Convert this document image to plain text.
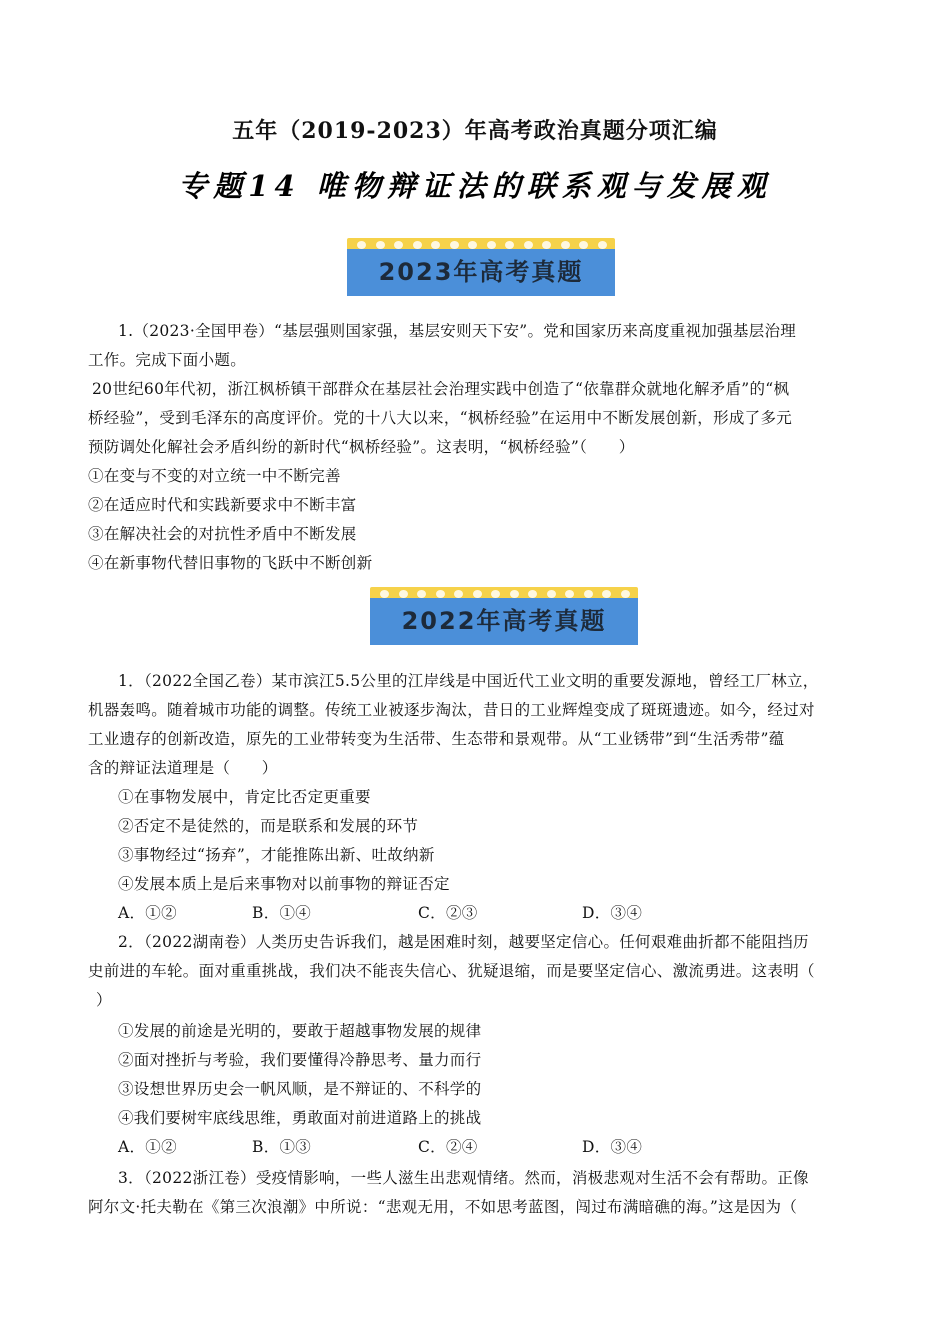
五年（2019-2023）年高考政治真题分项汇编
专题14 唯物辩证法的联系观与发展观
2023年高考真题
1.（2023·全国甲卷）“基层强则国家强，基层安则天下安”。党和国家历来高度重视加强基层治理
工作。完成下面小题。
20世纪60年代初，浙江枫桥镇干部群众在基层社会治理实践中创造了“依靠群众就地化解矛盾”的“枫
桥经验”，受到毛泽东的高度评价。党的十八大以来，“枫桥经验”在运用中不断发展创新，形成了多元
预防调处化解社会矛盾纠纷的新时代“枫桥经验”。这表明，“枫桥经验”（　　）
①在变与不变的对立统一中不断完善
②在适应时代和实践新要求中不断丰富
③在解决社会的对抗性矛盾中不断发展
④在新事物代替旧事物的飞跃中不断创新
2022年高考真题
1．（2022全国乙卷）某市滨江5.5公里的江岸线是中国近代工业文明的重要发源地，曾经工厂林立，
机器轰鸣。随着城市功能的调整。传统工业被逐步淘汰，昔日的工业辉煌变成了斑斑遗迹。如今，经过对
工业遗存的创新改造，原先的工业带转变为生活带、生态带和景观带。从“工业锈带”到“生活秀带”蕴
含的辩证法道理是（　　）
①在事物发展中，肯定比否定更重要
②否定不是徒然的，而是联系和发展的环节
③事物经过“扬弃”，才能推陈出新、吐故纳新
④发展本质上是后来事物对以前事物的辩证否定
A．①②	B．①④	C．②③	D．③④
2．（2022湖南卷）人类历史告诉我们，越是困难时刻，越要坚定信心。任何艰难曲折都不能阻挡历
史前进的车轮。面对重重挑战，我们决不能丧失信心、犹疑退缩，而是要坚定信心、激流勇进。这表明（
）
①发展的前途是光明的，要敢于超越事物发展的规律
②面对挫折与考验，我们要懂得冷静思考、量力而行
③设想世界历史会一帆风顺，是不辩证的、不科学的
④我们要树牢底线思维，勇敢面对前进道路上的挑战
A．①②	B．①③	C．②④	D．③④
3．（2022浙江卷）受疫情影响，一些人滋生出悲观情绪。然而，消极悲观对生活不会有帮助。正像
阿尔文·托夫勒在《第三次浪潮》中所说：“悲观无用，不如思考蓝图，闯过布满暗礁的海。”这是因为（
